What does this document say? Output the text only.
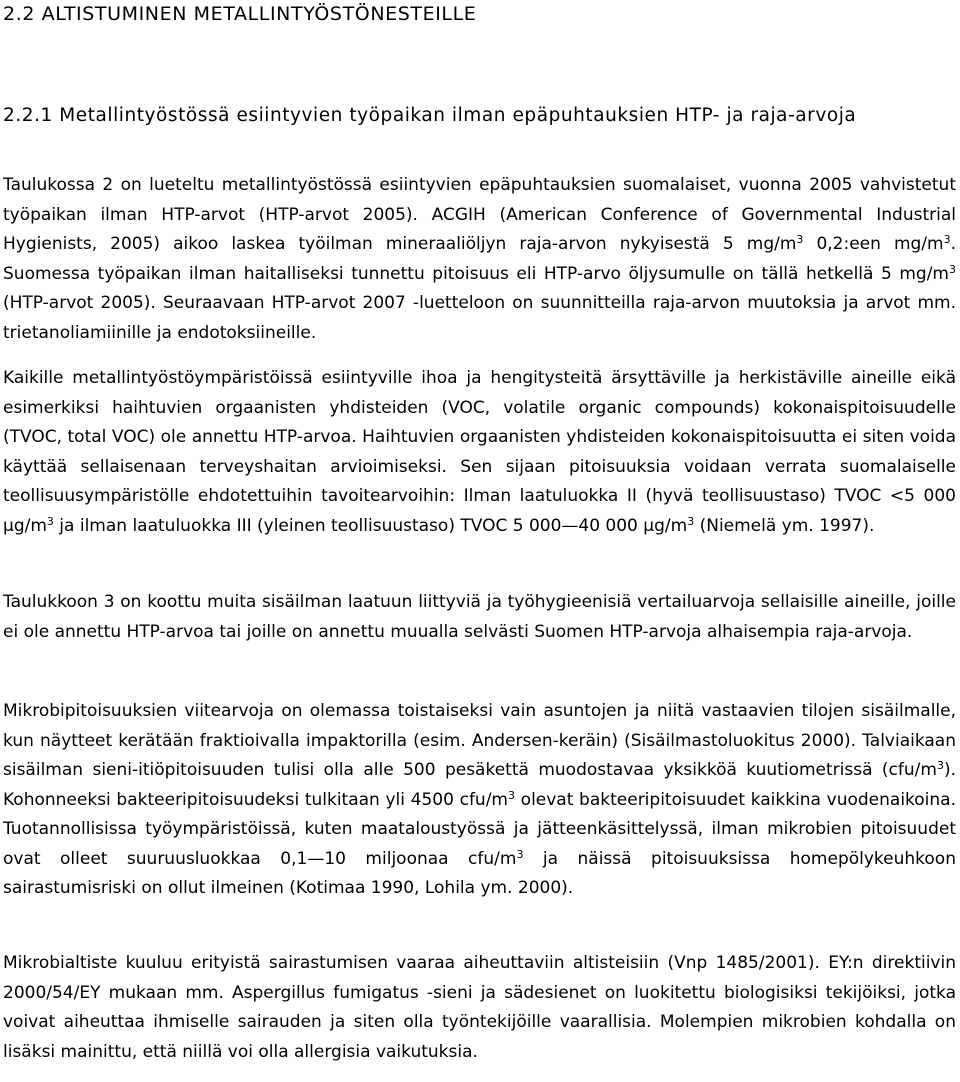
2.2 ALTISTUMINEN METALLINTYÖSTÖNESTEILLE
2.2.1 Metallintyöstössä esiintyvien työpaikan ilman epäpuhtauksien HTP- ja raja-arvoja

Taulukossa 2 on lueteltu metallintyöstössä esiintyvien epäpuhtauksien suomalaiset, vuonna 2005 vahvistetut työpaikan ilman HTP-arvot (HTP-arvot 2005). ACGIH (American Conference of Governmental Industrial Hygienists, 2005) aikoo laskea työilman mineraaliöljyn raja-arvon nykyisestä 5 $mg/m^3$ 0,2:een $mg/m^3$. Suomessa työpaikan ilman haitalliseksi tunnettu pitoisuus eli HTP-arvo öljysumulle on tällä hetkellä 5 $mg/m^3$ (HTP-arvot 2005). Seuraavaan HTP-arvot 2007 -luetteloon on suunnitteilla raja-arvon muutoksia ja arvot mm. trietanoliamiinille ja endotoksiineille.

Kaikille metallintyöstöympäristöissä esiintyville ihoa ja hengitysteitä ärsyttäville ja herkistäville aineille eikä esimerkiksi haihtuvien orgaanisten yhdisteiden (VOC, volatile organic compounds) kokonaispitoisuudelle (TVOC, total VOC) ole annettu HTP-arvoa. Haihtuvien orgaanisten yhdisteiden kokonaispitoisuutta ei siten voida käyttää sellaisenaan terveyshaitan arvioimiseksi. Sen sijaan pitoisuuksia voidaan verrata suomalaiselle teollisuusympäristölle ehdotettuihin tavoitearvoihin: Ilman laatuluokka II (hyvä teollisuustaso) TVOC <5 000 $\mu g/m^3$ ja ilman laatuluokka III (yleinen teollisuustaso) TVOC 5 000—40 000 $\mu g/m^3$ (Niemelä ym. 1997).

Taulukkoon 3 on koottu muita sisäilman laatuun liittyviä ja työhygieenisiä vertailuarvoja sellaisille aineille, joille ei ole annettu HTP-arvoa tai joille on annettu muualla selvästi Suomen HTP-arvoja alhaisempia raja-arvoja.

Mikrobipitoisuuksien viitearvoja on olemassa toistaiseksi vain asuntojen ja niitä vastaavien tilojen sisäilmalle, kun näytteet kerätään fraktioivalla impaktorilla (esim. Andersen-keräin) (Sisäilmastoluokitus 2000). Talviaikaan sisäilman sieni-itiöpitoisuuden tulisi olla alle 500 pesäkettä muodostavaa yksikköä kuutiometrissä $(cfu/m^3)$. Kohonneeksi bakteeripitoisuudeksi tulkitaan yli 4500 cfu/$m^3$ olevat bakteeripitoisuudet kaikkina vuodenaikoina. Tuotannollisissa työympäristöissä, kuten maataloustyössä ja jätteenkäsittelyssä, ilman mikrobien pitoisuudet ovat olleet suuruusluokkaa 0,1—10 miljoonaa cfu/$m^3$ ja näissä pitoisuuksissa homepölykeuhkoon sairastumisriski on ollut ilmeinen (Kotimaa 1990, Lohila ym. 2000).

Mikrobialtiste kuuluu erityistä sairastumisen vaaraa aiheuttaviin altisteisiin (Vnp 1485/2001). EY:n direktiivin 2000/54/EY mukaan mm. Aspergillus fumigatus -sieni ja sädesienet on luokitettu biologisiksi tekijöiksi, jotka voivat aiheuttaa ihmiselle sairauden ja siten olla työntekijöille vaarallisia. Molempien mikrobien kohdalla on lisäksi mainittu, että niillä voi olla allergisia vaikutuksia.
